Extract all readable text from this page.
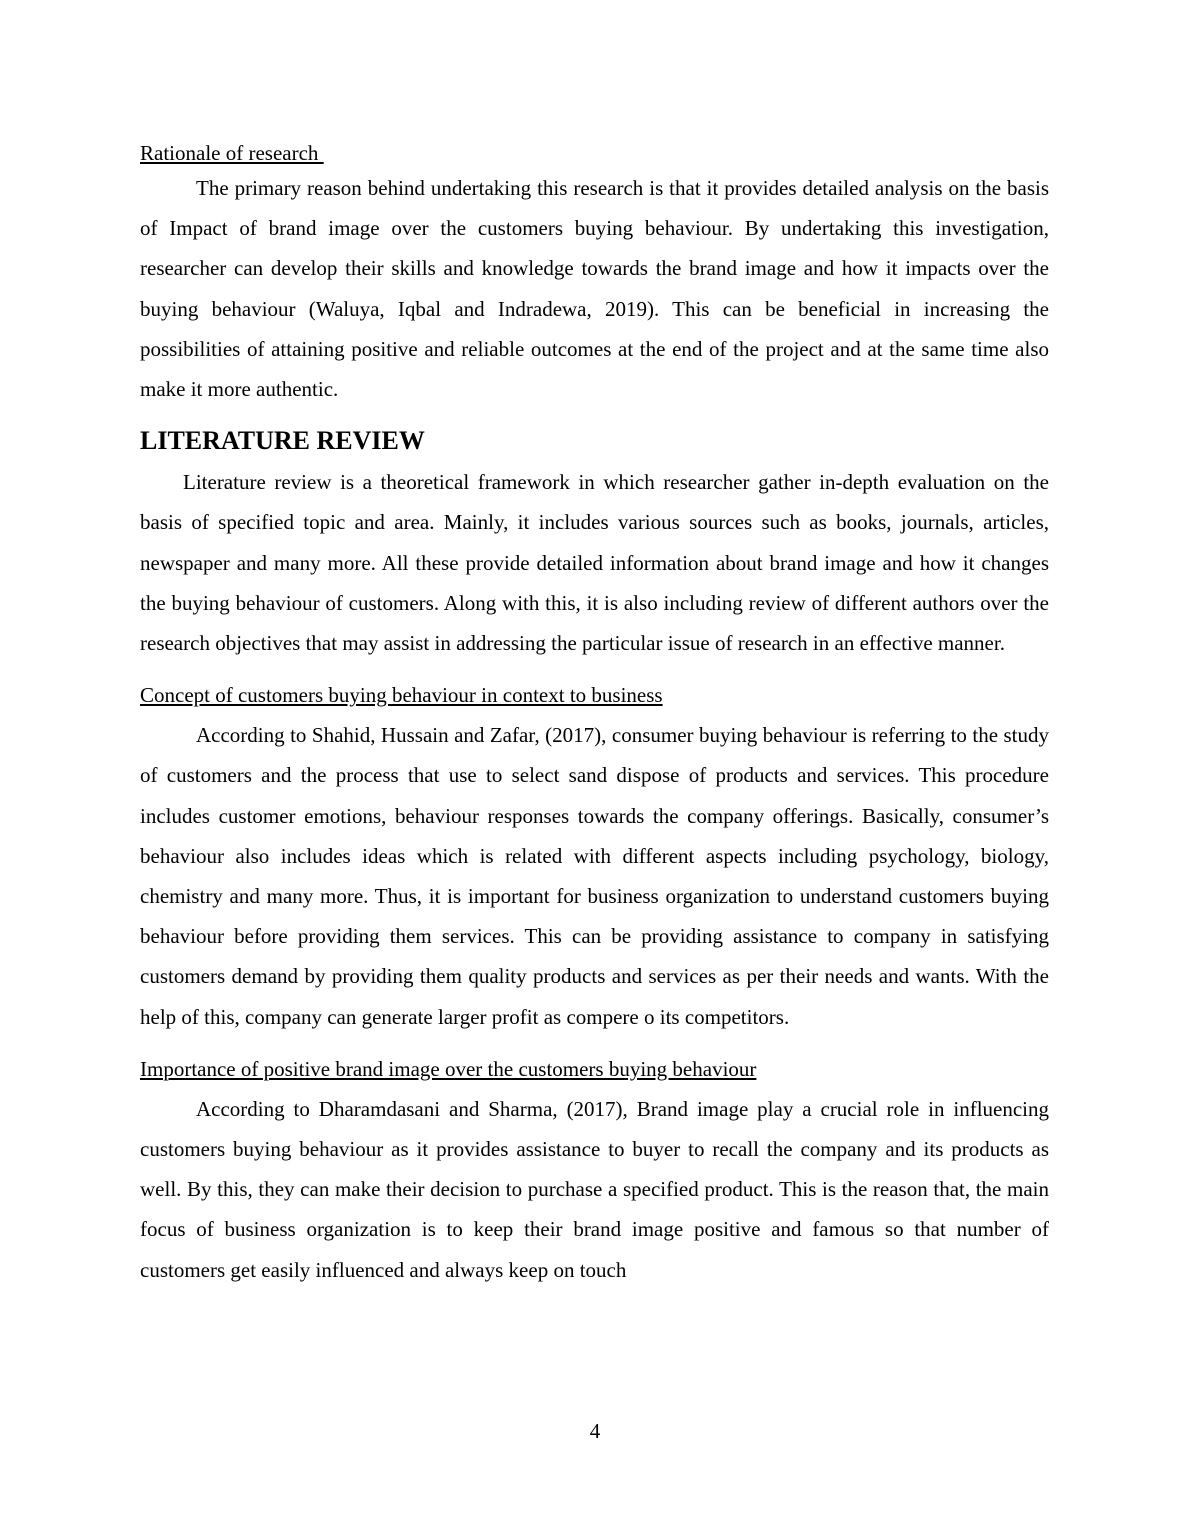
Rationale of research

The primary reason behind undertaking this research is that it provides detailed analysis on the basis of Impact of brand image over the customers buying behaviour. By undertaking this investigation, researcher can develop their skills and knowledge towards the brand image and how it impacts over the buying behaviour (Waluya, Iqbal and Indradewa, 2019). This can be beneficial in increasing the possibilities of attaining positive and reliable outcomes at the end of the project and at the same time also make it more authentic.

LITERATURE REVIEW

Literature review is a theoretical framework in which researcher gather in-depth evaluation on the basis of specified topic and area. Mainly, it includes various sources such as books, journals, articles, newspaper and many more. All these provide detailed information about brand image and how it changes the buying behaviour of customers. Along with this, it is also including review of different authors over the research objectives that may assist in addressing the particular issue of research in an effective manner.

Concept of customers buying behaviour in context to business

According to Shahid, Hussain and Zafar, (2017), consumer buying behaviour is referring to the study of customers and the process that use to select sand dispose of products and services. This procedure includes customer emotions, behaviour responses towards the company offerings. Basically, consumer’s behaviour also includes ideas which is related with different aspects including psychology, biology, chemistry and many more. Thus, it is important for business organization to understand customers buying behaviour before providing them services. This can be providing assistance to company in satisfying customers demand by providing them quality products and services as per their needs and wants. With the help of this, company can generate larger profit as compere o its competitors.

Importance of positive brand image over the customers buying behaviour

According to Dharamdasani and Sharma, (2017), Brand image play a crucial role in influencing customers buying behaviour as it provides assistance to buyer to recall the company and its products as well. By this, they can make their decision to purchase a specified product. This is the reason that, the main focus of business organization is to keep their brand image positive and famous so that number of customers get easily influenced and always keep on touch

4
